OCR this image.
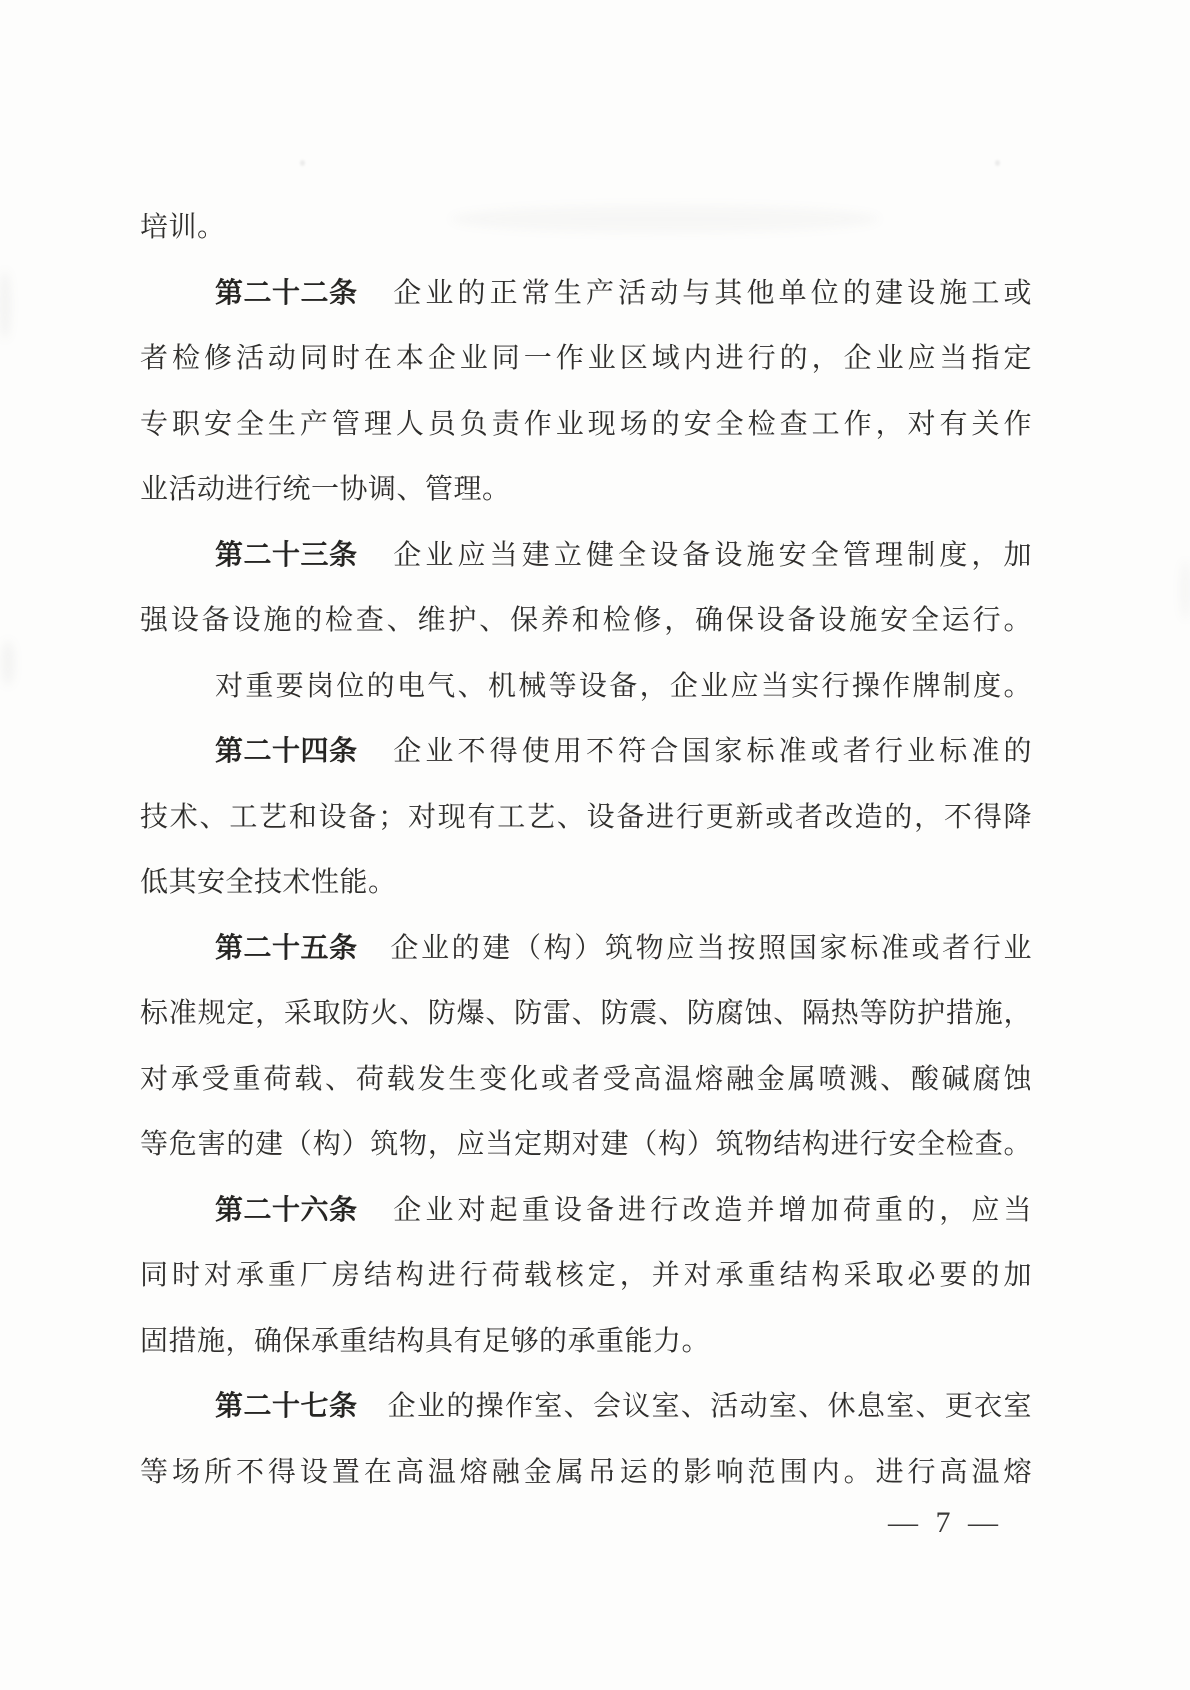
培训。
第二十二条　企业的正常生产活动与其他单位的建设施工或
者检修活动同时在本企业同一作业区域内进行的，企业应当指定
专职安全生产管理人员负责作业现场的安全检查工作，对有关作
业活动进行统一协调、管理。
第二十三条　企业应当建立健全设备设施安全管理制度，加
强设备设施的检查、维护、保养和检修，确保设备设施安全运行。
对重要岗位的电气、机械等设备，企业应当实行操作牌制度。
第二十四条　企业不得使用不符合国家标准或者行业标准的
技术、工艺和设备；对现有工艺、设备进行更新或者改造的，不得降
低其安全技术性能。
第二十五条　企业的建（构）筑物应当按照国家标准或者行业
标准规定，采取防火、防爆、防雷、防震、防腐蚀、隔热等防护措施，
对承受重荷载、荷载发生变化或者受高温熔融金属喷溅、酸碱腐蚀
等危害的建（构）筑物，应当定期对建（构）筑物结构进行安全检查。
第二十六条　企业对起重设备进行改造并增加荷重的，应当
同时对承重厂房结构进行荷载核定，并对承重结构采取必要的加
固措施，确保承重结构具有足够的承重能力。
第二十七条　企业的操作室、会议室、活动室、休息室、更衣室
等场所不得设置在高温熔融金属吊运的影响范围内。进行高温熔
— 7 —
